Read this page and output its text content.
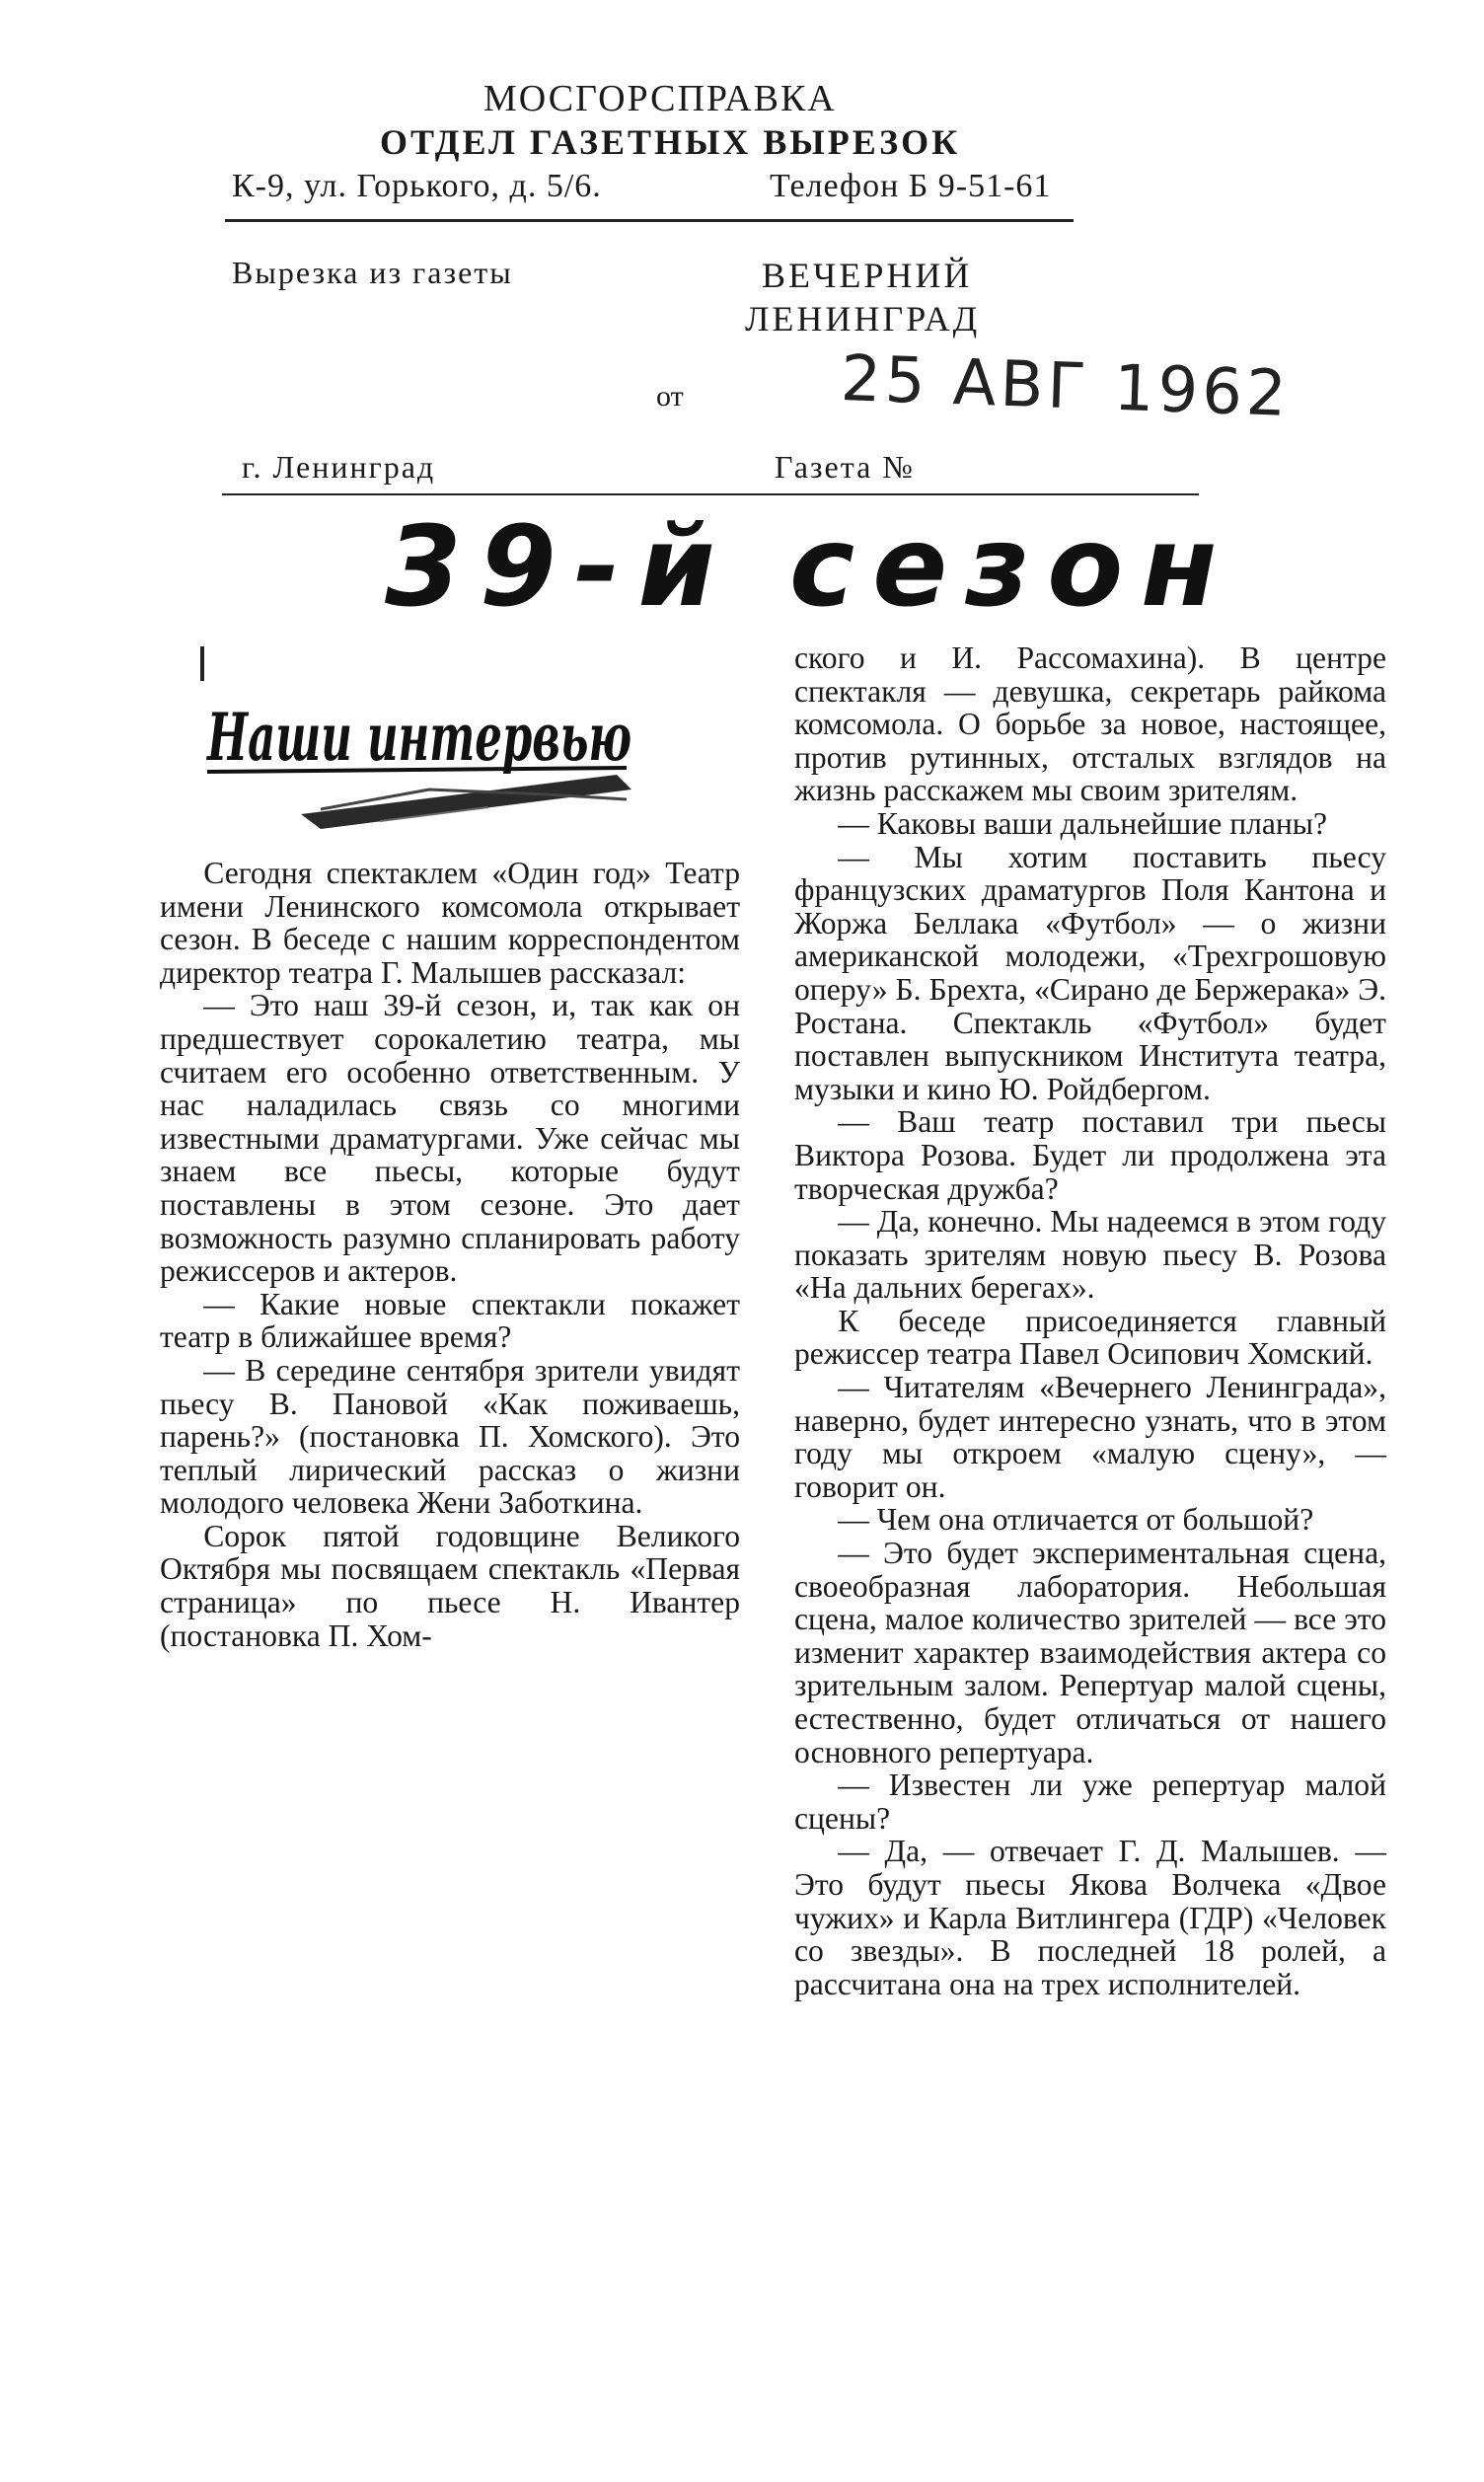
МОСГОРСПРАВКА
ОТДЕЛ ГАЗЕТНЫХ ВЫРЕЗОК
К-9, ул. Горького, д. 5/6.	Телефон Б 9-51-61
Вырезка из газеты	ВЕЧЕРНИЙ
ЛЕНИНГРАД
от 25 АВГ 1962
г. Ленинград	Газета №
39-й сезон
Наши интервью

Сегодня спектаклем «Один год» Театр имени Ленинского комсомола открывает сезон. В беседе с нашим корреспондентом директор театра Г. Малышев рассказал:

— Это наш 39-й сезон, и, так как он предшествует сорокалетию театра, мы считаем его особенно ответственным. У нас наладилась связь со многими известными драматургами. Уже сейчас мы знаем все пьесы, которые будут поставлены в этом сезоне. Это дает возможность разумно спланировать работу режиссеров и актеров.

— Какие новые спектакли покажет театр в ближайшее время?

— В середине сентября зрители увидят пьесу В. Пановой «Как поживаешь, парень?» (постановка П. Хомского). Это теплый лирический рассказ о жизни молодого человека Жени Заботкина.

Сорок пятой годовщине Великого Октября мы посвящаем спектакль «Первая страница» по пьесе Н. Ивантер (постановка П. Хом-

ского и И. Рассомахина). В центре спектакля — девушка, секретарь райкома комсомола. О борьбе за новое, настоящее, против рутинных, отсталых взглядов на жизнь расскажем мы своим зрителям.

— Каковы ваши дальнейшие планы?

— Мы хотим поставить пьесу французских драматургов Поля Кантона и Жоржа Беллака «Футбол» — о жизни американской молодежи, «Трехгрошовую оперу» Б. Брехта, «Сирано де Бержерака» Э. Ростана. Спектакль «Футбол» будет поставлен выпускником Института театра, музыки и кино Ю. Ройдбергом.

— Ваш театр поставил три пьесы Виктора Розова. Будет ли продолжена эта творческая дружба?

— Да, конечно. Мы надеемся в этом году показать зрителям новую пьесу В. Розова «На дальних берегах».

К беседе присоединяется главный режиссер театра Павел Осипович Хомский.

— Читателям «Вечернего Ленинграда», наверно, будет интересно узнать, что в этом году мы откроем «малую сцену», — говорит он.

— Чем она отличается от большой?

— Это будет экспериментальная сцена, своеобразная лаборатория. Небольшая сцена, малое количество зрителей — все это изменит характер взаимодействия актера со зрительным залом. Репертуар малой сцены, естественно, будет отличаться от нашего основного репертуара.

— Известен ли уже репертуар малой сцены?

— Да, — отвечает Г. Д. Малышев. — Это будут пьесы Якова Волчека «Двое чужих» и Карла Витлингера (ГДР) «Человек со звезды». В последней 18 ролей, а рассчитана она на трех исполнителей.
